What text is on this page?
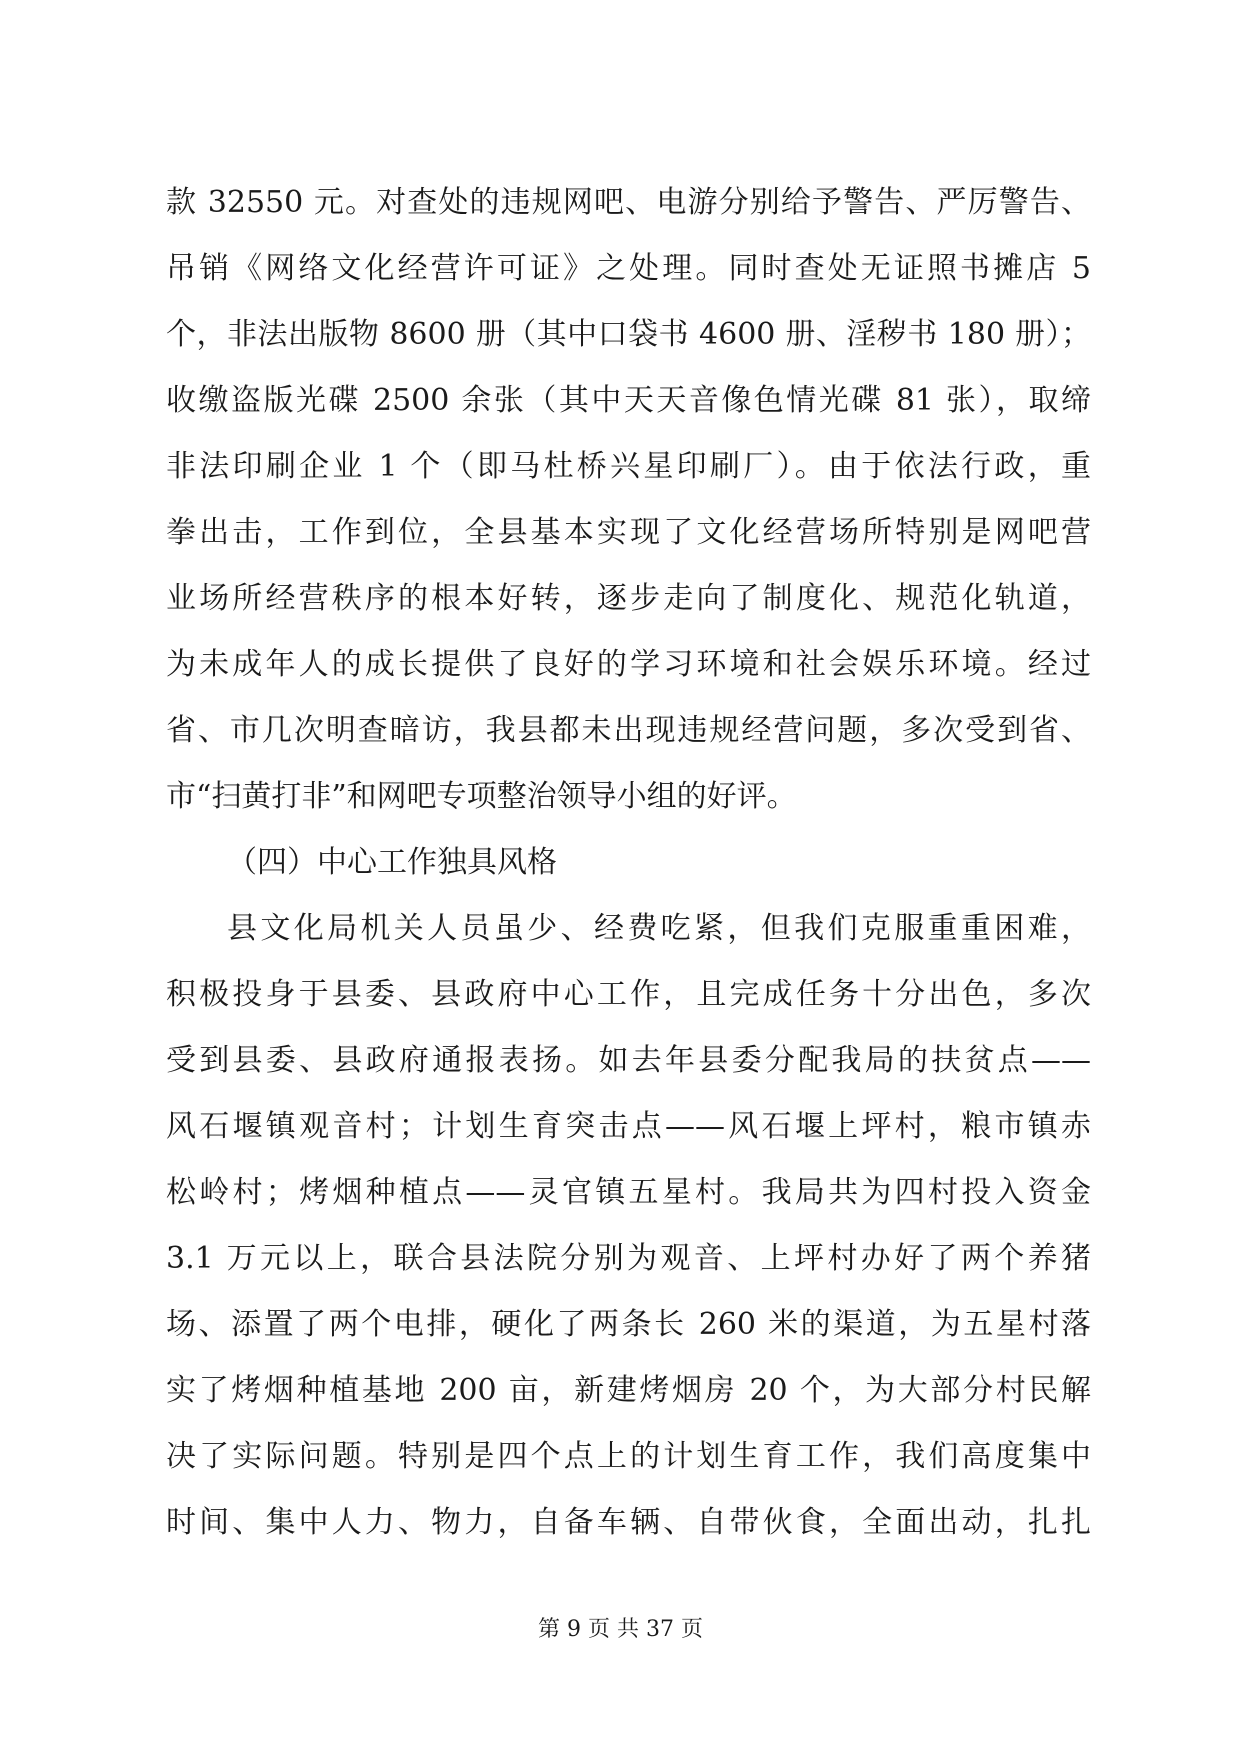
款 32550 元。对查处的违规网吧、电游分别给予警告、严厉警告、
吊销《网络文化经营许可证》之处理。同时查处无证照书摊店 5
个，非法出版物 8600 册（其中口袋书 4600 册、淫秽书 180 册）；
收缴盗版光碟 2500 余张（其中天天音像色情光碟 81 张），取缔
非法印刷企业 1 个（即马杜桥兴星印刷厂）。由于依法行政，重
拳出击，工作到位，全县基本实现了文化经营场所特别是网吧营
业场所经营秩序的根本好转，逐步走向了制度化、规范化轨道，
为未成年人的成长提供了良好的学习环境和社会娱乐环境。经过
省、市几次明查暗访，我县都未出现违规经营问题，多次受到省、
市“扫黄打非”和网吧专项整治领导小组的好评。
（四）中心工作独具风格
县文化局机关人员虽少、经费吃紧，但我们克服重重困难，
积极投身于县委、县政府中心工作，且完成任务十分出色，多次
受到县委、县政府通报表扬。如去年县委分配我局的扶贫点——
风石堰镇观音村；计划生育突击点——风石堰上坪村，粮市镇赤
松岭村；烤烟种植点——灵官镇五星村。我局共为四村投入资金
3.1 万元以上，联合县法院分别为观音、上坪村办好了两个养猪
场、添置了两个电排，硬化了两条长 260 米的渠道，为五星村落
实了烤烟种植基地 200 亩，新建烤烟房 20 个，为大部分村民解
决了实际问题。特别是四个点上的计划生育工作，我们高度集中
时间、集中人力、物力，自备车辆、自带伙食，全面出动，扎扎
第 9 页 共 37 页
